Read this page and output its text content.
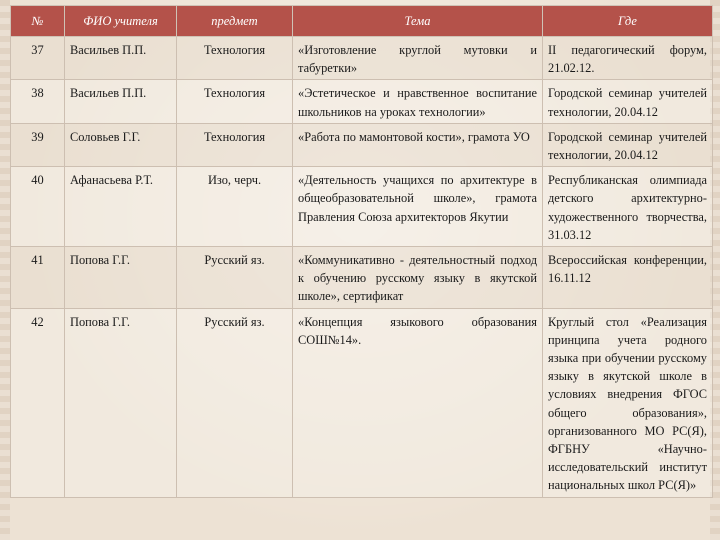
№	ФИО учителя	предмет	Тема	Где
37	Васильев П.П.	Технология	«Изготовление круглой мутовки и табуретки»	II педагогический форум, 21.02.12.
38	Васильев П.П.	Технология	«Эстетическое и нравственное воспитание школьников на уроках технологии»	Городской семинар учителей технологии, 20.04.12
39	Соловьев Г.Г.	Технология	«Работа по мамонтовой кости», грамота УО	Городской семинар учителей технологии, 20.04.12
40	Афанасьева Р.Т.	Изо, черч.	«Деятельность учащихся по архитектуре в общеобразовательной школе», грамота Правления Союза архитекторов Якутии	Республиканская олимпиада детского архитектурно-художественного творчества, 31.03.12
41	Попова Г.Г.	Русский яз.	«Коммуникативно - деятельностный подход к обучению русскому языку в якутской школе», сертификат	Всероссийская конференции, 16.11.12
42	Попова Г.Г.	Русский яз.	«Концепция языкового образования СОШ№14».	Круглый стол «Реализация принципа учета родного языка при обучении русскому языку в якутской школе в условиях внедрения ФГОС общего образования», организованного МО РС(Я), ФГБНУ «Научно-исследовательский институт национальных школ РС(Я)»
